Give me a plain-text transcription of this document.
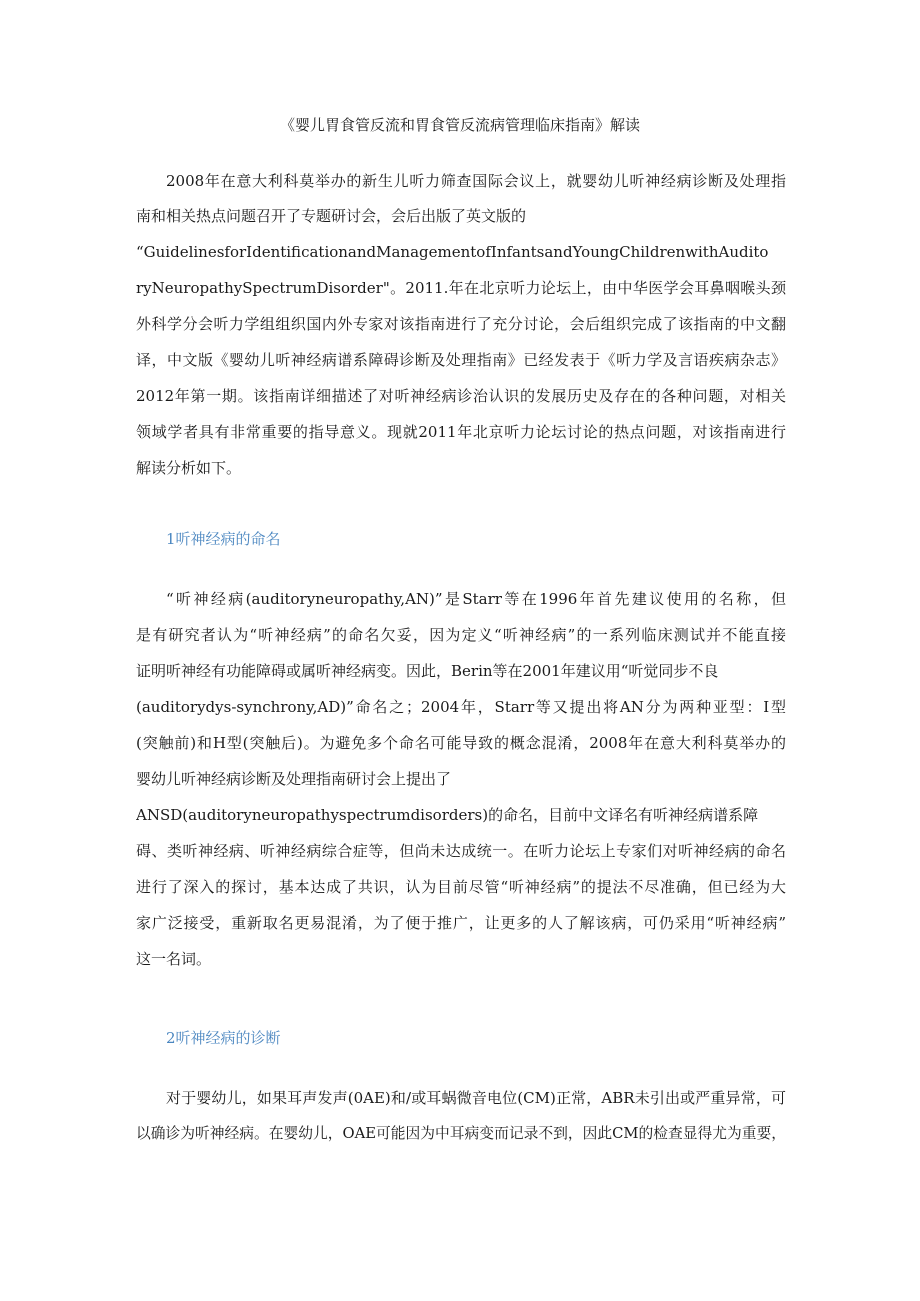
《婴儿胃食管反流和胃食管反流病管理临床指南》解读
2008年在意大利科莫举办的新生儿听力筛查国际会议上，就婴幼儿听神经病诊断及处理指
南和相关热点问题召开了专题研讨会，会后出版了英文版的
“GuidelinesforIdentificationandManagementofInfantsandYoungChildrenwithAudito
ryNeuropathySpectrumDisorder"。2011.年在北京听力论坛上，由中华医学会耳鼻咽喉头颈
外科学分会听力学组组织国内外专家对该指南进行了充分讨论，会后组织完成了该指南的中文翻
译，中文版《婴幼儿听神经病谱系障碍诊断及处理指南》已经发表于《听力学及言语疾病杂志》
2012年第一期。该指南详细描述了对听神经病诊治认识的发展历史及存在的各种问题，对相关
领域学者具有非常重要的指导意义。现就2011年北京听力论坛讨论的热点问题，对该指南进行
解读分析如下。
1听神经病的命名
“听神经病(auditoryneuropathy,AN)”是Starr等在1996年首先建议使用的名称，但
是有研究者认为“听神经病”的命名欠妥，因为定义“听神经病”的一系列临床测试并不能直接
证明听神经有功能障碍或属听神经病变。因此，Berin等在2001年建议用“听觉同步不良
(auditorydys-synchrony,AD)”命名之；2004年，Starr等又提出将AN分为两种亚型：I型
(突触前)和H型(突触后)。为避免多个命名可能导致的概念混淆，2008年在意大利科莫举办的
婴幼儿听神经病诊断及处理指南研讨会上提出了
ANSD(auditoryneuropathyspectrumdisorders)的命名，目前中文译名有听神经病谱系障
碍、类听神经病、听神经病综合症等，但尚未达成统一。在听力论坛上专家们对听神经病的命名
进行了深入的探讨，基本达成了共识，认为目前尽管“听神经病”的提法不尽准确，但已经为大
家广泛接受，重新取名更易混淆，为了便于推广，让更多的人了解该病，可仍采用“听神经病”
这一名词。
2听神经病的诊断
对于婴幼儿，如果耳声发声(0AE)和/或耳蜗微音电位(CM)正常，ABR未引出或严重异常，可
以确诊为听神经病。在婴幼儿，OAE可能因为中耳病变而记录不到，因此CM的检查显得尤为重要，
